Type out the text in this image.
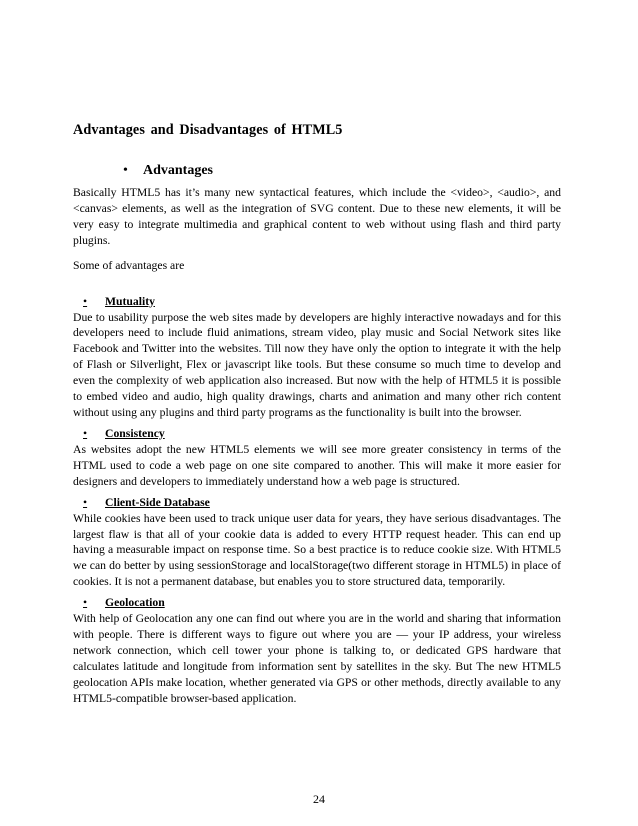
Advantages and Disadvantages of HTML5
•	Advantages

Basically HTML5 has it’s many new syntactical features, which include the <video>, <audio>, and <canvas> elements, as well as the integration of SVG content. Due to these new elements, it will be very easy to integrate multimedia and graphical content to web without using flash and third party plugins.

Some of advantages are

•	Mutuality

Due to usability purpose the web sites made by developers are highly interactive nowadays and for this developers need to include fluid animations, stream video, play music and Social Network sites like Facebook and Twitter into the websites. Till now they have only the option to integrate it with the help of Flash or Silverlight, Flex or javascript like tools. But these consume so much time to develop and even the complexity of web application also increased. But now with the help of HTML5 it is possible to embed video and audio, high quality drawings, charts and animation and many other rich content without using any plugins and third party programs as the functionality is built into the browser.

•	Consistency

As websites adopt the new HTML5 elements we will see more greater consistency in terms of the HTML used to code a web page on one site compared to another. This will make it more easier for designers and developers to immediately understand how a web page is structured.

•	Client-Side Database

While cookies have been used to track unique user data for years, they have serious disadvantages. The largest flaw is that all of your cookie data is added to every HTTP request header. This can end up having a measurable impact on response time. So a best practice is to reduce cookie size. With HTML5 we can do better by using sessionStorage and localStorage(two different storage in HTML5) in place of cookies. It is not a permanent database, but enables you to store structured data, temporarily.

•	Geolocation

With help of Geolocation any one can find out where you are in the world and sharing that information with people. There is different ways to figure out where you are — your IP address, your wireless network connection, which cell tower your phone is talking to, or dedicated GPS hardware that calculates latitude and longitude from information sent by satellites in the sky. But The new HTML5 geolocation APIs make location, whether generated via GPS or other methods, directly available to any HTML5-compatible browser-based application.

24
